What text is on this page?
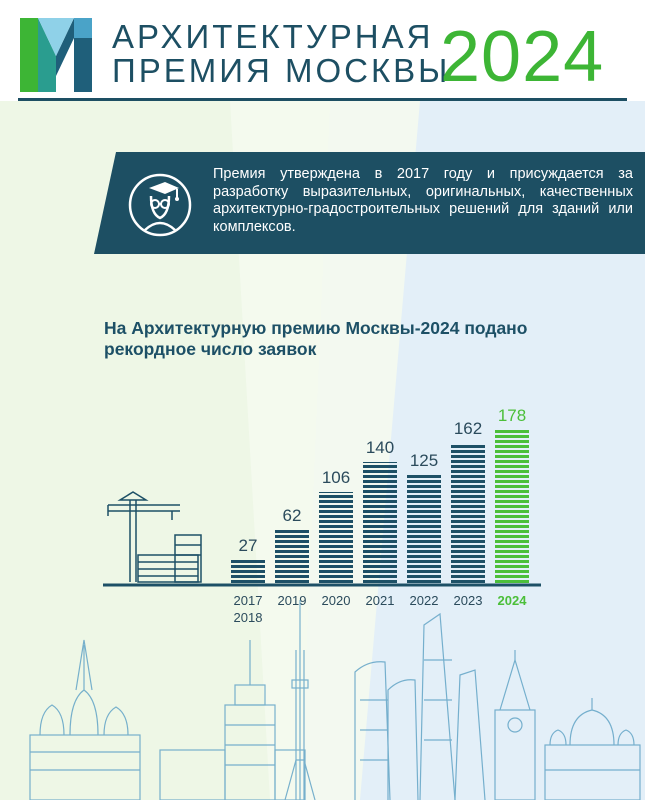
АРХИТЕКТУРНАЯ
ПРЕМИЯ МОСКВЫ
2024
Премия утверждена в 2017 году и присуждается за разработку выразительных, оригинальных, качественных архитектурно-градостроительных решений для зданий или комплексов.
На Архитектурную премию Москвы-2024 подано рекордное число заявок
27
2017
2018
62
2019
106
2020
140
2021
125
2022
162
2023
178
2024
